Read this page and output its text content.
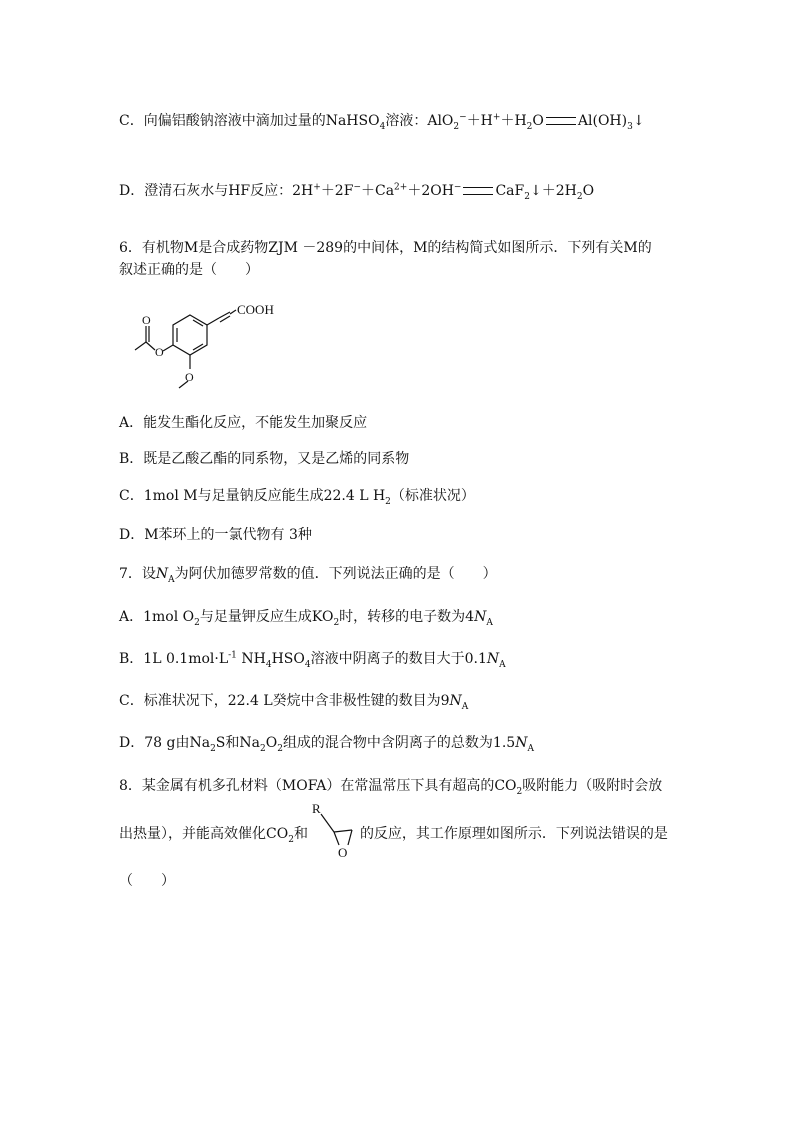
C．向偏铝酸钠溶液中滴加过量的NaHSO$_4$溶液：$AlO_2^-+H^++H_2O$ $Al(OH)_3↓$
D．澄清石灰水与HF反应：$2H^++2F^-+Ca^{2+}+2OH^-$ $CaF_2↓+2H_2O$
6．有机物M是合成药物ZJM －289的中间体，M的结构简式如图所示．下列有关M的
叙述正确的是（　　）
COOH
O
O
O
A．能发生酯化反应，不能发生加聚反应
B．既是乙酸乙酯的同系物，又是乙烯的同系物
C．1mol M与足量钠反应能生成22.4 L $H_2$（标准状况）
D．M苯环上的一氯代物有 3种
7．设$N_A$为阿伏加德罗常数的值．下列说法正确的是（　　）
A．1mol $O_2$与足量钾反应生成$KO_2$时，转移的电子数为$4N_A$
B．1L $0.1mol\cdot L^{-1}$ $NH_4HSO_4$溶液中阴离子的数目大于$0.1N_A$
C．标准状况下，22.4 L癸烷中含非极性键的数目为$9N_A$
D．78 g由$Na_2S$和$Na_2O_2$组成的混合物中含阴离子的总数为$1.5N_A$
8．某金属有机多孔材料（MOFA）在常温常压下具有超高的$CO_2$吸附能力（吸附时会放
出热量），并能高效催化$CO_2$和	的反应，其工作原理如图所示．下列说法错误的是
R
O
（　　）
